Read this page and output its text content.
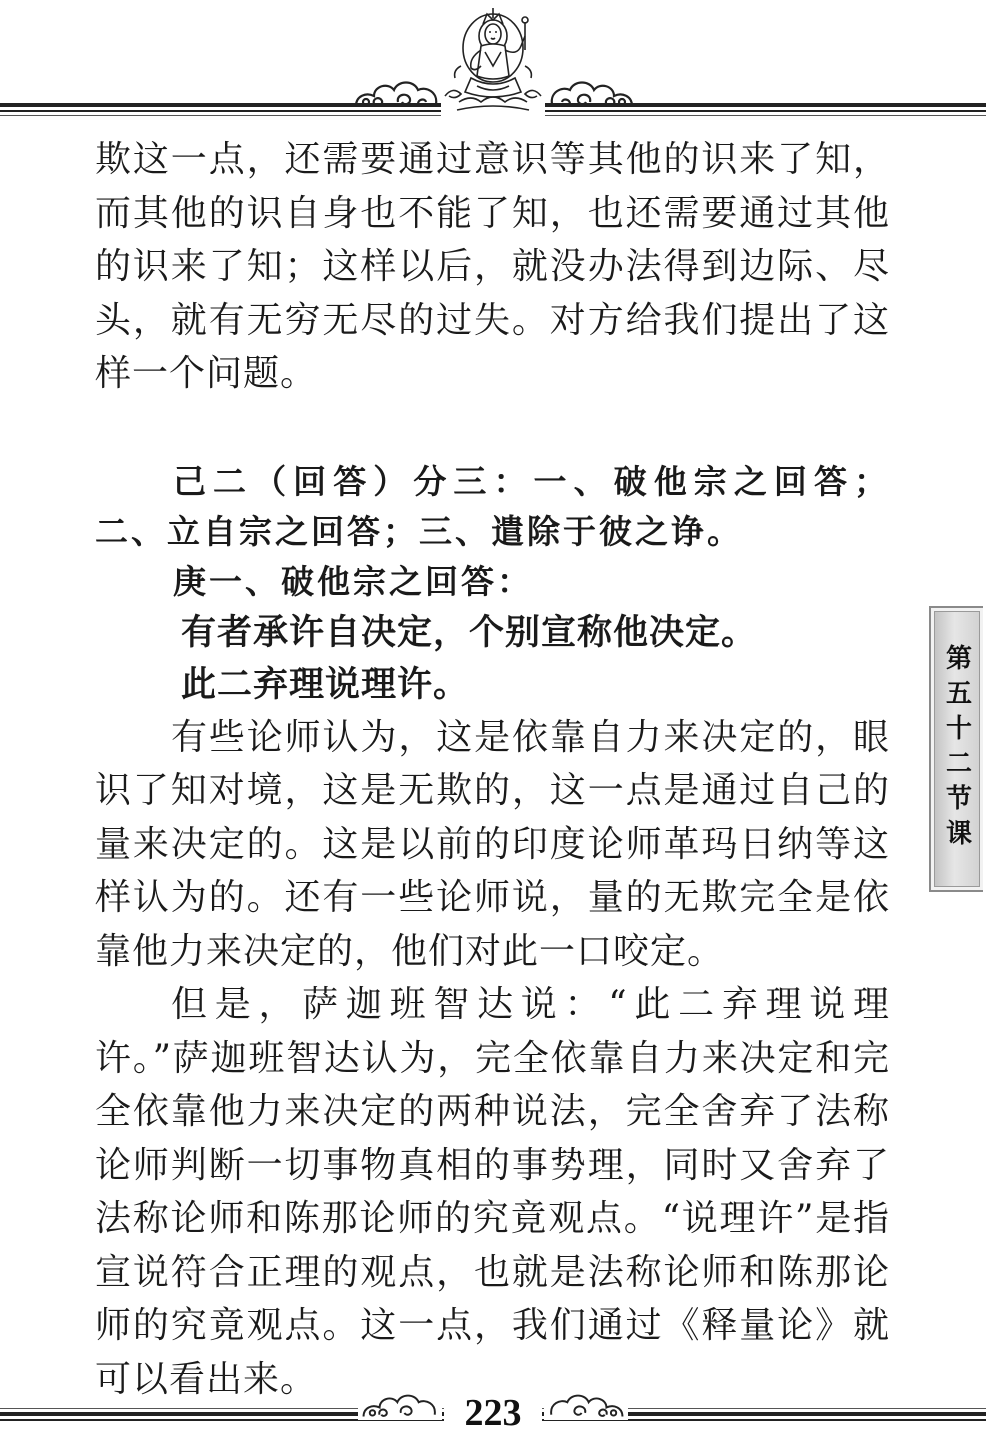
欺这一点，还需要通过意识等其他的识来了知，而其他的识自身也不能了知，也还需要通过其他的识来了知；这样以后，就没办法得到边际、尽头，就有无穷无尽的过失。对方给我们提出了这样一个问题。

己二（回答）分三：一、破他宗之回答；二、立自宗之回答；三、遣除于彼之诤。

庚一、破他宗之回答：

有者承许自决定，个别宣称他决定。

此二弃理说理许。

有些论师认为，这是依靠自力来决定的，眼识了知对境，这是无欺的，这一点是通过自己的量来决定的。这是以前的印度论师革玛日纳等这样认为的。还有一些论师说，量的无欺完全是依靠他力来决定的，他们对此一口咬定。

但是，萨迦班智达说：“此二弃理说理许。”萨迦班智达认为，完全依靠自力来决定和完全依靠他力来决定的两种说法，完全舍弃了法称论师判断一切事物真相的事势理，同时又舍弃了法称论师和陈那论师的究竟观点。“说理许”是指宣说符合正理的观点，也就是法称论师和陈那论师的究竟观点。这一点，我们通过《释量论》就可以看出来。

第五十二节课
223
